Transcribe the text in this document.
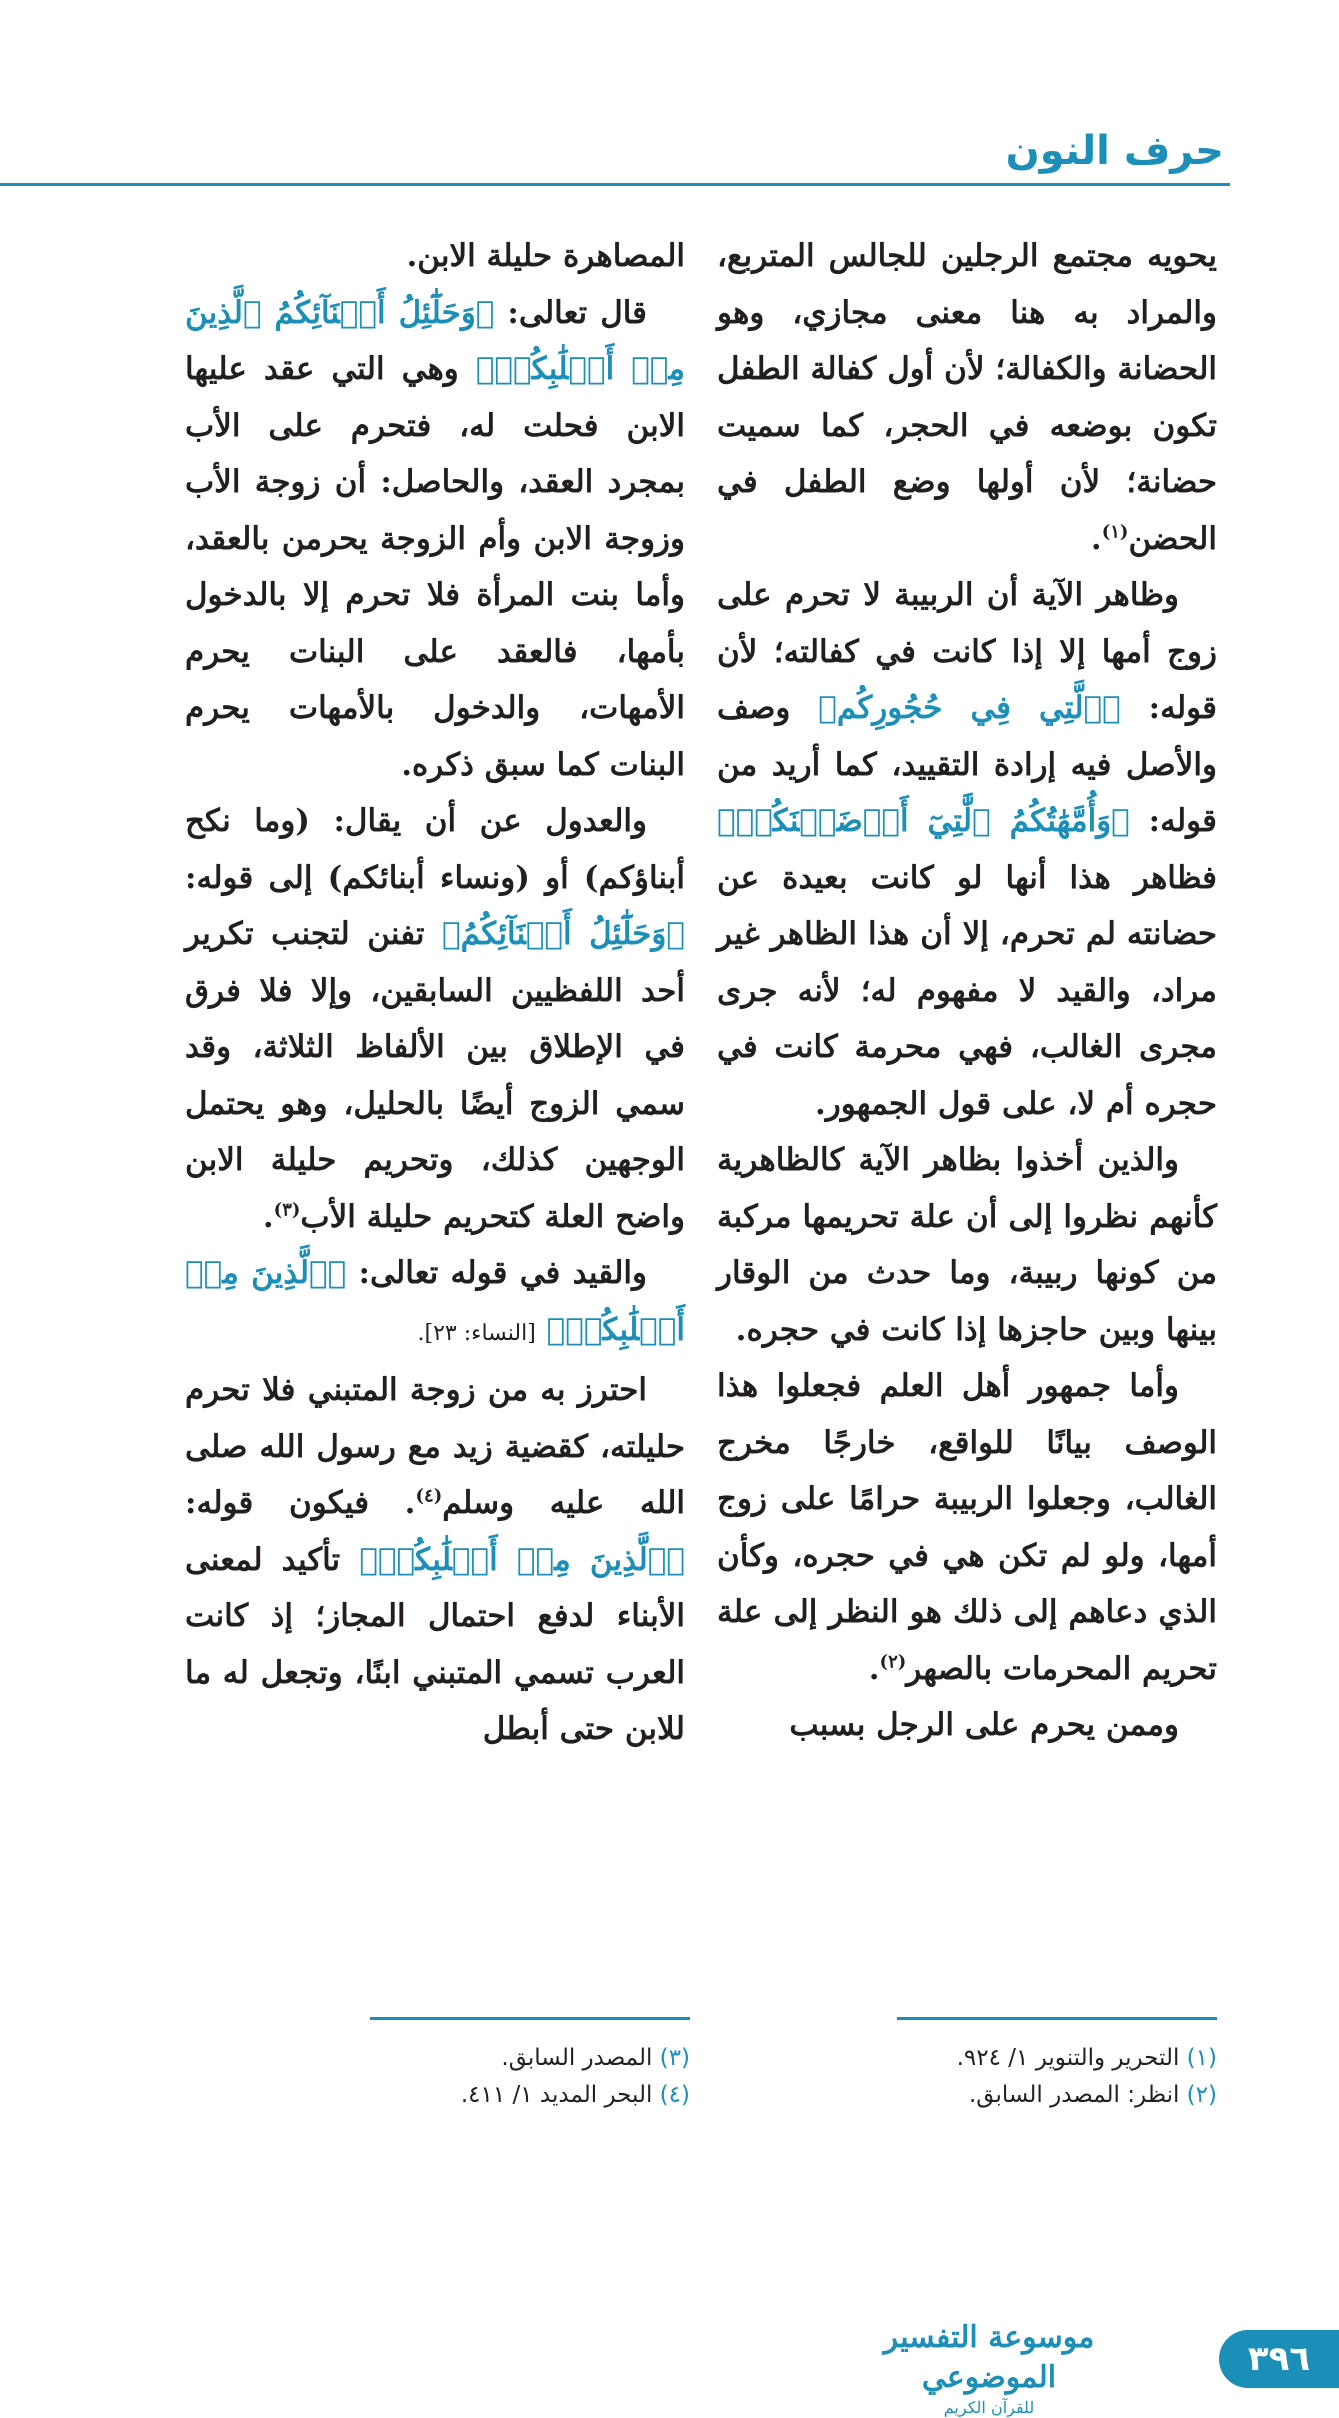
حرف النون

يحويه مجتمع الرجلين للجالس المتربع، والمراد به هنا معنى مجازي، وهو الحضانة والكفالة؛ لأن أول كفالة الطفل تكون بوضعه في الحجر، كما سميت حضانة؛ لأن أولها وضع الطفل في الحضن$^{(١)}$.

وظاهر الآية أن الربيبة لا تحرم على زوج أمها إلا إذا كانت في كفالته؛ لأن قوله: ﴿ٱلَّتِي فِي حُجُورِكُم﴾ وصف والأصل فيه إرادة التقييد، كما أريد من قوله: ﴿وَأُمَّهَٰتُكُمُ ٱلَّٰتِيٓ أَرۡضَعۡنَكُمۡ﴾ فظاهر هذا أنها لو كانت بعيدة عن حضانته لم تحرم، إلا أن هذا الظاهر غير مراد، والقيد لا مفهوم له؛ لأنه جرى مجرى الغالب، فهي محرمة كانت في حجره أم لا، على قول الجمهور.

والذين أخذوا بظاهر الآية كالظاهرية كأنهم نظروا إلى أن علة تحريمها مركبة من كونها ربيبة، وما حدث من الوقار بينها وبين حاجزها إذا كانت في حجره.

وأما جمهور أهل العلم فجعلوا هذا الوصف بيانًا للواقع، خارجًا مخرج الغالب، وجعلوا الربيبة حرامًا على زوج أمها، ولو لم تكن هي في حجره، وكأن الذي دعاهم إلى ذلك هو النظر إلى علة تحريم المحرمات بالصهر$^{(٢)}$.

وممن يحرم على الرجل بسبب

المصاهرة حليلة الابن.

قال تعالى: ﴿وَحَلَٰٓئِلُ أَبۡنَآئِكُمُ ٱلَّذِينَ مِنۡ أَصۡلَٰبِكُمۡ﴾ وهي التي عقد عليها الابن فحلت له، فتحرم على الأب بمجرد العقد، والحاصل: أن زوجة الأب وزوجة الابن وأم الزوجة يحرمن بالعقد، وأما بنت المرأة فلا تحرم إلا بالدخول بأمها، فالعقد على البنات يحرم الأمهات، والدخول بالأمهات يحرم البنات كما سبق ذكره.

والعدول عن أن يقال: (وما نكح أبناؤكم) أو (ونساء أبنائكم) إلى قوله: ﴿وَحَلَٰٓئِلُ أَبۡنَآئِكُمُ﴾ تفنن لتجنب تكرير أحد اللفظيين السابقين، وإلا فلا فرق في الإطلاق بين الألفاظ الثلاثة، وقد سمي الزوج أيضًا بالحليل، وهو يحتمل الوجهين كذلك، وتحريم حليلة الابن واضح العلة كتحريم حليلة الأب$^{(٣)}$.

والقيد في قوله تعالى: ﴿ٱلَّذِينَ مِنۡ أَصۡلَٰبِكُمۡ﴾ [النساء: ٢٣].

احترز به من زوجة المتبني فلا تحرم حليلته، كقضية زيد مع رسول الله صلى الله عليه وسلم$^{(٤)}$. فيكون قوله: ﴿ٱلَّذِينَ مِنۡ أَصۡلَٰبِكُمۡ﴾ تأكيد لمعنى الأبناء لدفع احتمال المجاز؛ إذ كانت العرب تسمي المتبني ابنًا، وتجعل له ما للابن حتى أبطل

(١) التحرير والتنوير ١/ ٩٢٤.
(٢) انظر: المصدر السابق.
(٣) المصدر السابق.
(٤) البحر المديد ١/ ٤١١.
موسوعة التفسير الموضوعي
للقرآن الكريم
٣٩٦
